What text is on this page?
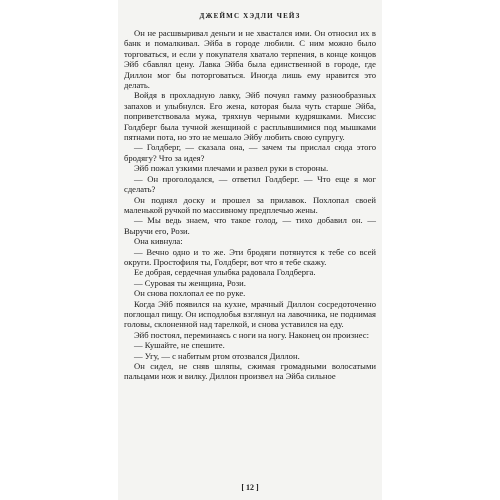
ДЖЕЙМС ХЭДЛИ ЧЕЙЗ

Он не расшвыривал деньги и не хвастался ими. Он относил их в банк и помалкивал. Эйба в городе любили. С ним можно было торговаться, и если у покупателя хватало терпения, в конце концов Эйб сбавлял цену. Лавка Эйба была единственной в городе, где Диллон мог бы поторговаться. Иногда лишь ему нравится это делать.

Войдя в прохладную лавку, Эйб почуял гамму разнообразных запахов и улыбнулся. Его жена, которая была чуть старше Эйба, поприветствовала мужа, тряхнув черными кудряшками. Миссис Голдберг была тучной женщиной с расплывшимися под мышками пятнами пота, но это не мешало Эйбу любить свою супругу.

— Голдберг, — сказала она, — зачем ты прислал сюда этого бродягу? Что за идея?

Эйб пожал узкими плечами и развел руки в стороны.

— Он проголодался, — ответил Голдберг. — Что еще я мог сделать?

Он поднял доску и прошел за прилавок. Похлопал своей маленькой ручкой по массивному предплечью жены.

— Мы ведь знаем, что такое голод, — тихо добавил он. — Выручи его, Рози.

Она кивнула:

— Вечно одно и то же. Эти бродяги потянутся к тебе со всей округи. Простофиля ты, Голдберг, вот что я тебе скажу.

Ее добрая, сердечная улыбка радовала Голдберга.

— Суровая ты женщина, Рози.

Он снова похлопал ее по руке.

Когда Эйб появился на кухне, мрачный Диллон сосредоточенно поглощал пищу. Он исподлобья взглянул на лавочника, не поднимая головы, склоненной над тарелкой, и снова уставился на еду.

Эйб постоял, переминаясь с ноги на ногу. Наконец он произнес:

— Кушайте, не спешите.

— Угу, — с набитым ртом отозвался Диллон.

Он сидел, не сняв шляпы, сжимая громадными волосатыми пальцами нож и вилку. Диллон произвел на Эйба сильное

[ 12 ]
